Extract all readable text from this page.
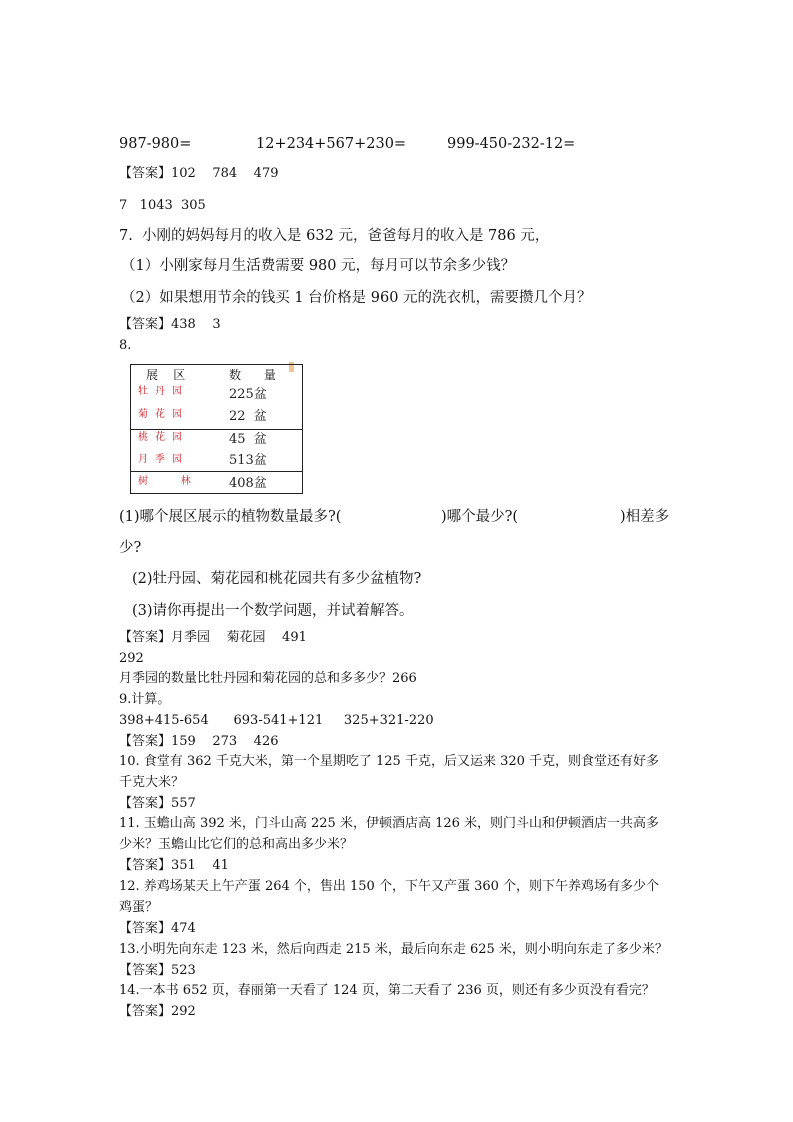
987-980=	12+234+567+230=	999-450-232-12=
【答案】102    784    479
7   1043  305
7.  小刚的妈妈每月的收入是 632 元，爸爸每月的收入是 786 元，
（1）小刚家每月生活费需要 980 元，每月可以节余多少钱？
（2）如果想用节余的钱买 1 台价格是 960 元的洗衣机，需要攒几个月？
【答案】438    3
8.
展    区	数      量
牡丹园	225盆
菊花园	22  盆
桃花园	45  盆
月季园	513盆
树    林	408盆
(1)哪个展区展示的植物数量最多?(	)哪个最少?(	)相差多
少?
(2)牡丹园、菊花园和桃花园共有多少盆植物?
(3)请你再提出一个数学问题，并试着解答。
【答案】月季园    菊花园    491
292
月季园的数量比牡丹园和菊花园的总和多多少？266
9.计算。
398+415-654      693-541+121     325+321-220
【答案】159    273    426
10. 食堂有 362 千克大米，第一个星期吃了 125 千克，后又运来 320 千克，则食堂还有好多
千克大米？
【答案】557
11. 玉蟾山高 392 米，门斗山高 225 米，伊顿酒店高 126 米，则门斗山和伊顿酒店一共高多
少米？玉蟾山比它们的总和高出多少米？
【答案】351    41
12. 养鸡场某天上午产蛋 264 个，售出 150 个，下午又产蛋 360 个，则下午养鸡场有多少个
鸡蛋？
【答案】474
13.小明先向东走 123 米，然后向西走 215 米，最后向东走 625 米，则小明向东走了多少米？
【答案】523
14.一本书 652 页，春丽第一天看了 124 页，第二天看了 236 页，则还有多少页没有看完？
【答案】292
